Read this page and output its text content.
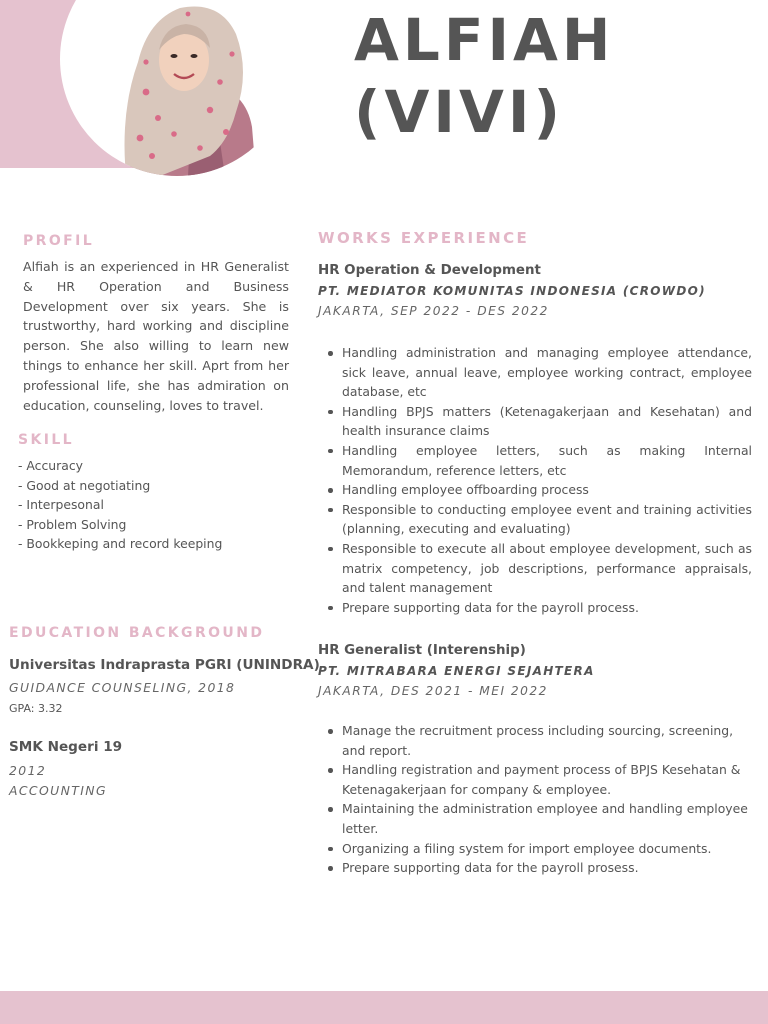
ALFIAH
(VIVI)
PROFIL

Alfiah is an experienced in HR Generalist & HR Operation and Business Development over six years. She is trustworthy, hard working and discipline person. She also willing to learn new things to enhance her skill. Aprt from her professional life, she has admiration on education, counseling, loves to travel.

SKILL
- Accuracy
- Good at negotiating
- Interpesonal
- Problem Solving
- Bookkeping and record keeping
EDUCATION BACKGROUND
Universitas Indraprasta PGRI (UNINDRA)
GUIDANCE COUNSELING, 2018
GPA: 3.32
SMK Negeri 19
2012
ACCOUNTING
WORKS EXPERIENCE
HR Operation & Development
PT. MEDIATOR KOMUNITAS INDONESIA (CROWDO)
JAKARTA, SEP 2022 - DES 2022
Handling administration and managing employee attendance, sick leave, annual leave, employee working contract, employee database, etc
Handling BPJS matters (Ketenagakerjaan and Kesehatan) and health insurance claims
Handling employee letters, such as making Internal Memorandum, reference letters, etc
Handling employee offboarding process
Responsible to conducting employee event and training activities (planning, executing and evaluating)
Responsible to execute all about employee development, such as matrix competency, job descriptions, performance appraisals, and talent management
Prepare supporting data for the payroll process.
HR Generalist (Interenship)
PT. MITRABARA ENERGI SEJAHTERA
JAKARTA, DES 2021 - MEI 2022
Manage the recruitment process including sourcing, screening, and report.
Handling registration and payment process of BPJS Kesehatan & Ketenagakerjaan for company & employee.
Maintaining the administration employee and handling employee letter.
Organizing a filing system for import employee documents.
Prepare supporting data for the payroll prosess.
